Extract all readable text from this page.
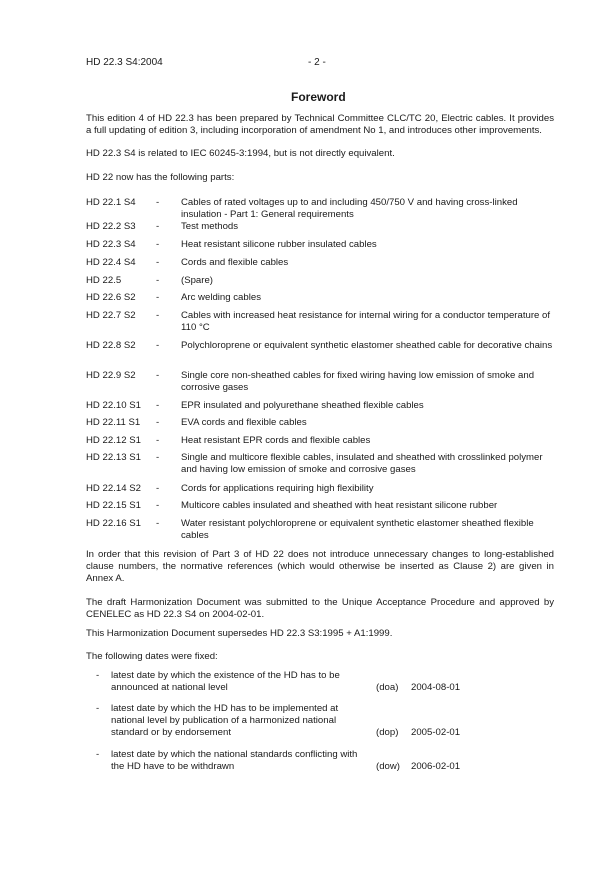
HD 22.3 S4:2004	- 2 -
Foreword
This edition 4 of HD 22.3 has been prepared by Technical Committee CLC/TC 20, Electric cables. It provides a full updating of edition 3, including incorporation of amendment No 1, and introduces other improvements.
HD 22.3 S4 is related to IEC 60245-3:1994, but is not directly equivalent.
HD 22 now has the following parts:
HD 22.1 S4 - Cables of rated voltages up to and including 450/750 V and having cross-linked insulation - Part 1: General requirements
HD 22.2 S3 - Test methods
HD 22.3 S4 - Heat resistant silicone rubber insulated cables
HD 22.4 S4 - Cords and flexible cables
HD 22.5	- (Spare)
HD 22.6 S2 - Arc welding cables
HD 22.7 S2 - Cables with increased heat resistance for internal wiring for a conductor temperature of 110 °C
HD 22.8 S2 - Polychloroprene or equivalent synthetic elastomer sheathed cable for decorative chains
HD 22.9 S2 - Single core non-sheathed cables for fixed wiring having low emission of smoke and corrosive gases
HD 22.10 S1 - EPR insulated and polyurethane sheathed flexible cables
HD 22.11 S1 - EVA cords and flexible cables
HD 22.12 S1 - Heat resistant EPR cords and flexible cables
HD 22.13 S1 - Single and multicore flexible cables, insulated and sheathed with crosslinked polymer and having low emission of smoke and corrosive gases
HD 22.14 S2 - Cords for applications requiring high flexibility
HD 22.15 S1 - Multicore cables insulated and sheathed with heat resistant silicone rubber
HD 22.16 S1 - Water resistant polychloroprene or equivalent synthetic elastomer sheathed flexible cables
In order that this revision of Part 3 of HD 22 does not introduce unnecessary changes to long-established clause numbers, the normative references (which would otherwise be inserted as Clause 2) are given in Annex A.
The draft Harmonization Document was submitted to the Unique Acceptance Procedure and approved by CENELEC as HD 22.3 S4 on 2004-02-01.
This Harmonization Document supersedes HD 22.3 S3:1995 + A1:1999.
The following dates were fixed:
- latest date by which the existence of the HD has to be announced at national level	(doa) 2004-08-01
- latest date by which the HD has to be implemented at national level by publication of a harmonized national standard or by endorsement	(dop) 2005-02-01
- latest date by which the national standards conflicting with the HD have to be withdrawn	(dow) 2006-02-01
